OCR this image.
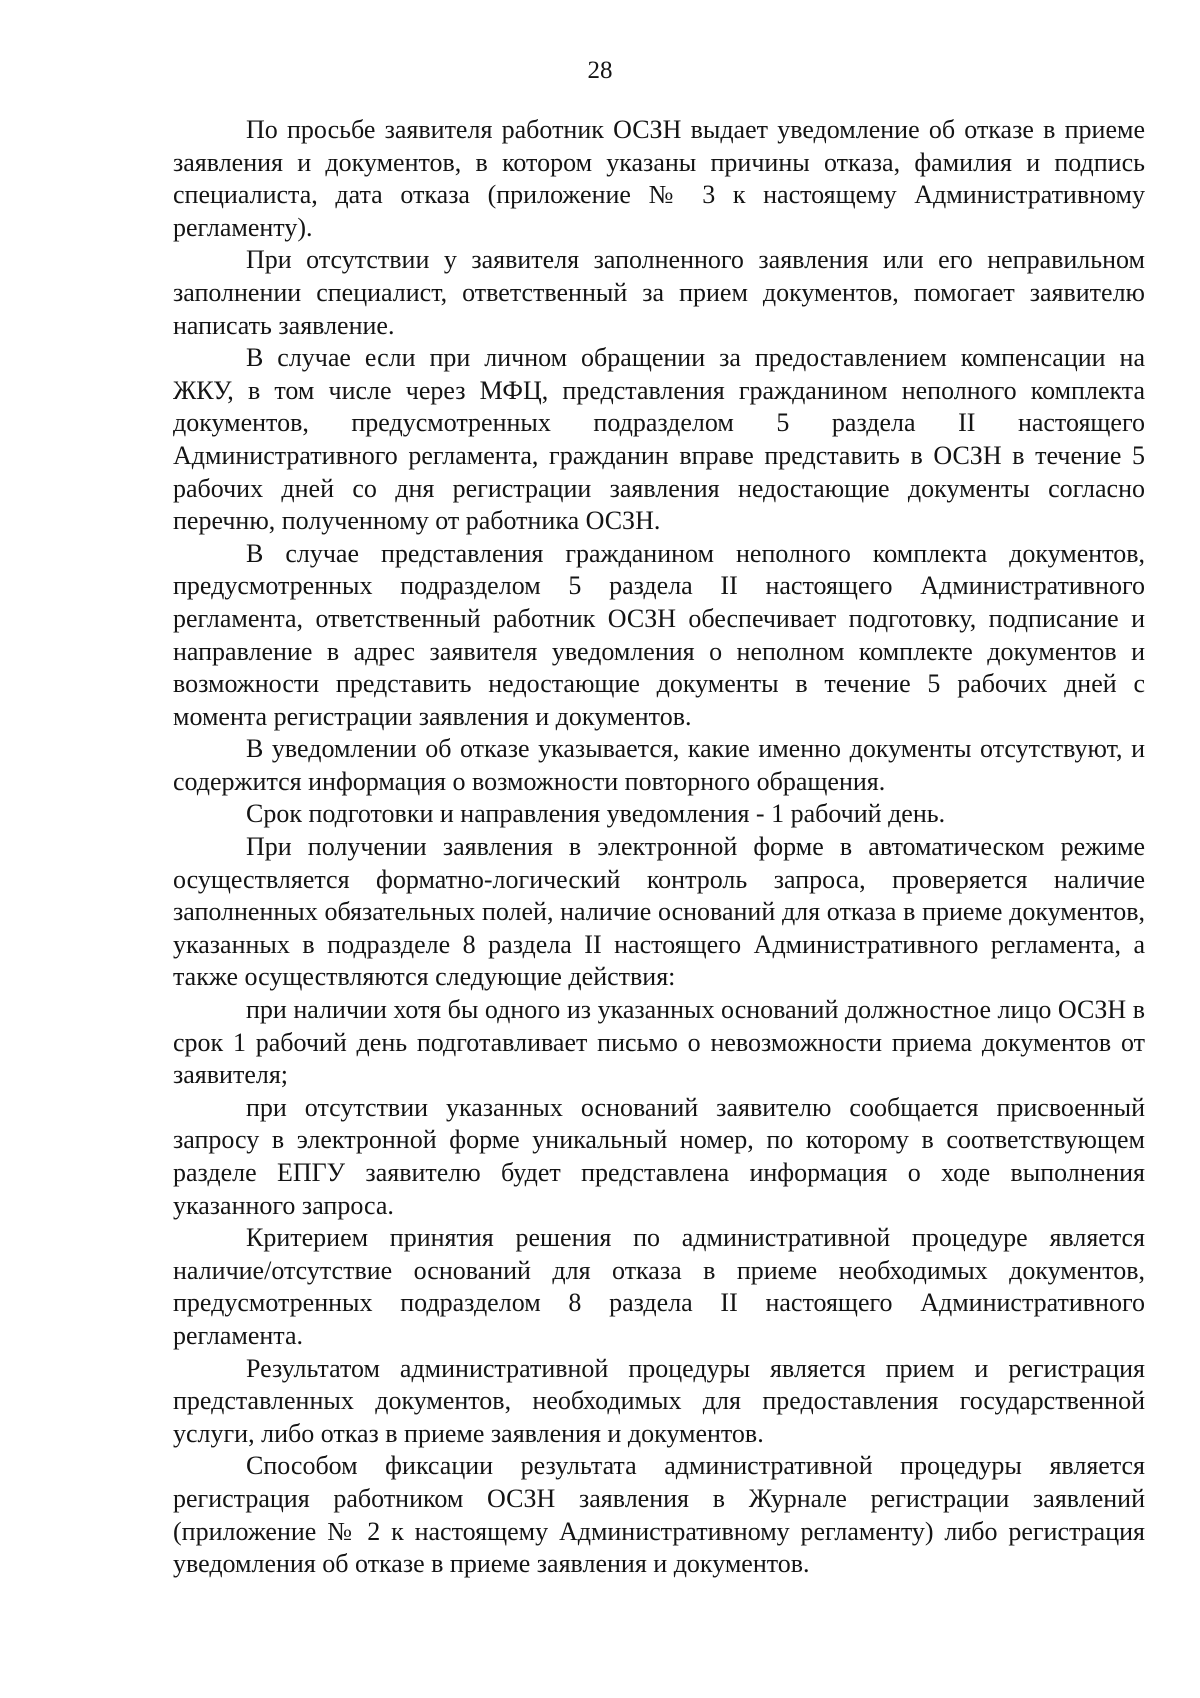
28

По просьбе заявителя работник ОСЗН выдает уведомление об отказе в приеме заявления и документов, в котором указаны причины отказа, фамилия и подпись специалиста, дата отказа (приложение № 3 к настоящему Административному регламенту).

При отсутствии у заявителя заполненного заявления или его неправильном заполнении специалист, ответственный за прием документов, помогает заявителю написать заявление.

В случае если при личном обращении за предоставлением компенсации на ЖКУ, в том числе через МФЦ, представления гражданином неполного комплекта документов, предусмотренных подразделом 5 раздела II настоящего Административного регламента, гражданин вправе представить в ОСЗН в течение 5 рабочих дней со дня регистрации заявления недостающие документы согласно перечню, полученному от работника ОСЗН.

В случае представления гражданином неполного комплекта документов, предусмотренных подразделом 5 раздела II настоящего Административного регламента, ответственный работник ОСЗН обеспечивает подготовку, подписание и направление в адрес заявителя уведомления о неполном комплекте документов и возможности представить недостающие документы в течение 5 рабочих дней с момента регистрации заявления и документов.

В уведомлении об отказе указывается, какие именно документы отсутствуют, и содержится информация о возможности повторного обращения.

Срок подготовки и направления уведомления - 1 рабочий день.

При получении заявления в электронной форме в автоматическом режиме осуществляется форматно-логический контроль запроса, проверяется наличие заполненных обязательных полей, наличие оснований для отказа в приеме документов, указанных в подразделе 8 раздела II настоящего Административного регламента, а также осуществляются следующие действия:

при наличии хотя бы одного из указанных оснований должностное лицо ОСЗН в срок 1 рабочий день подготавливает письмо о невозможности приема документов от заявителя;

при отсутствии указанных оснований заявителю сообщается присвоенный запросу в электронной форме уникальный номер, по которому в соответствующем разделе ЕПГУ заявителю будет представлена информация о ходе выполнения указанного запроса.

Критерием принятия решения по административной процедуре является наличие/отсутствие оснований для отказа в приеме необходимых документов, предусмотренных подразделом 8 раздела II настоящего Административного регламента.

Результатом административной процедуры является прием и регистрация представленных документов, необходимых для предоставления государственной услуги, либо отказ в приеме заявления и документов.

Способом фиксации результата административной процедуры является регистрация работником ОСЗН заявления в Журнале регистрации заявлений (приложение № 2 к настоящему Административному регламенту) либо регистрация уведомления об отказе в приеме заявления и документов.
